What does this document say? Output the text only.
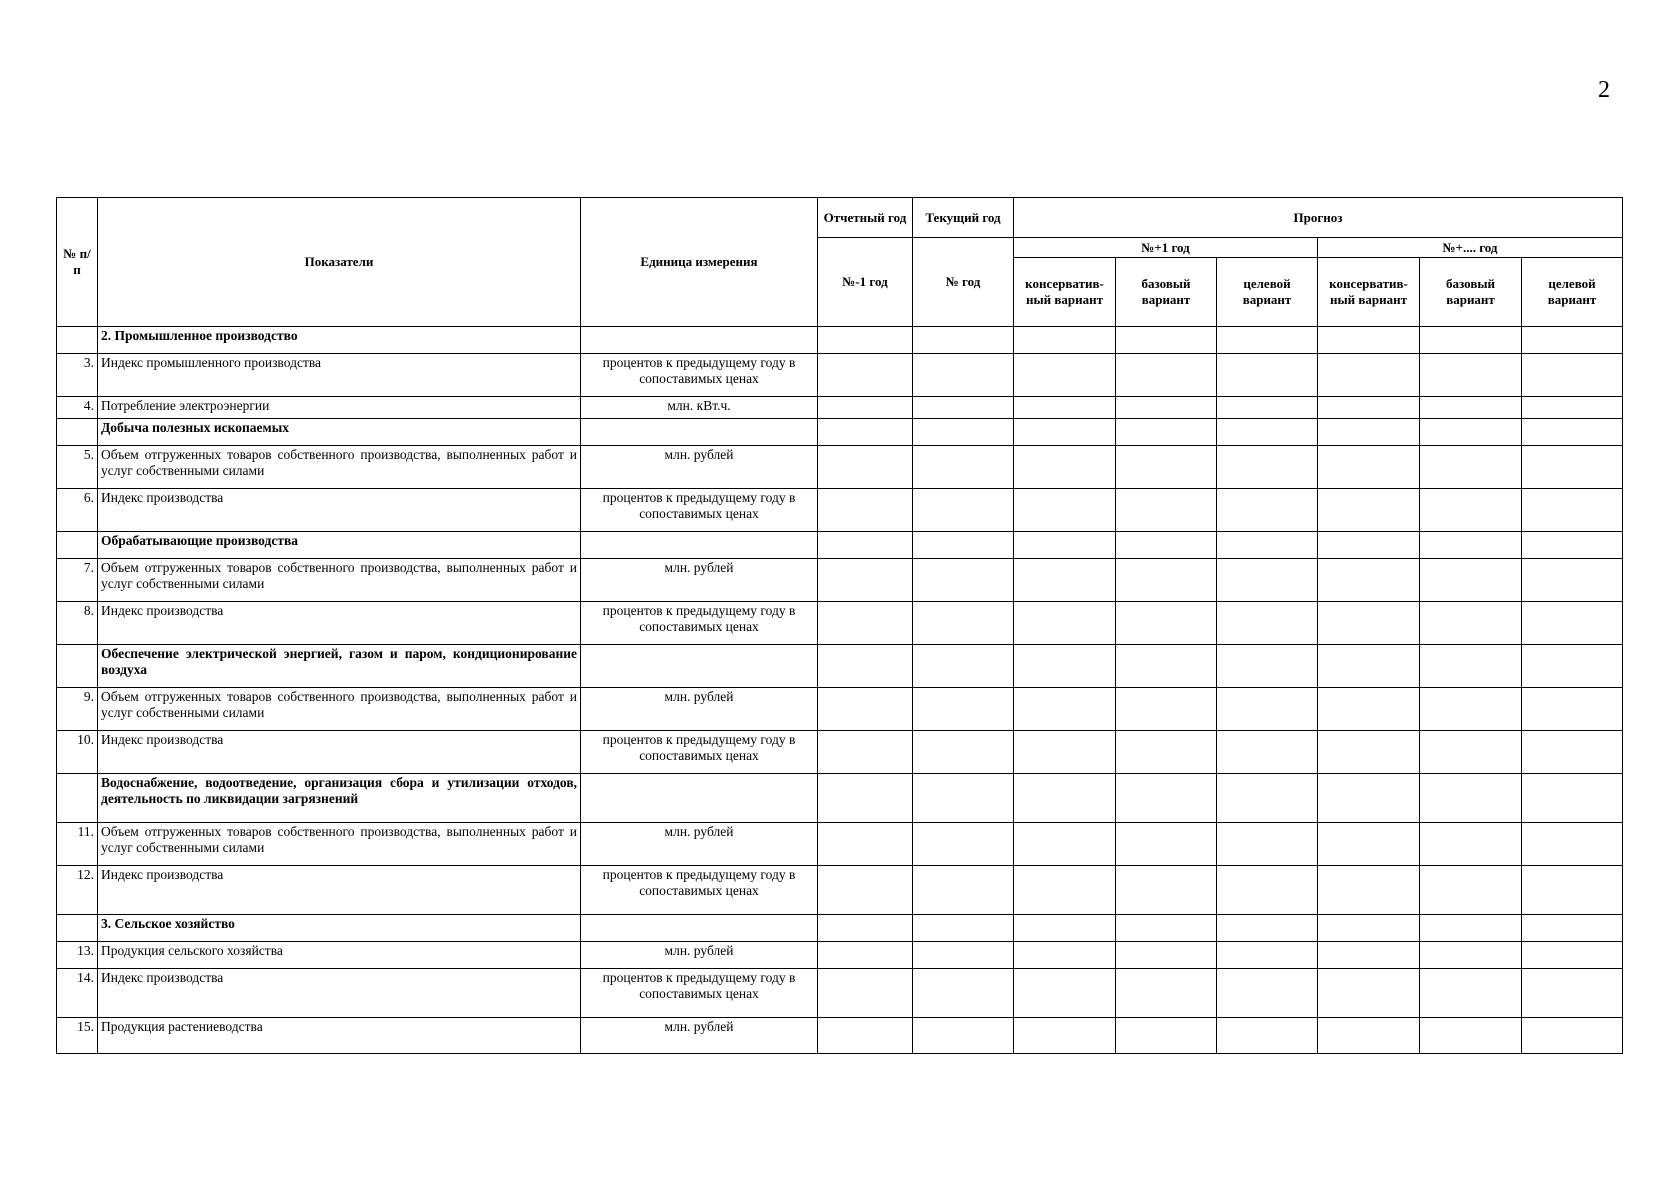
2
№ п/п	Показатели	Единица измерения	Отчетный год	Текущий год	Прогноз					
			№-1 год	№ год	№+1 год			№+.... год		
					консерватив-ный вариант	базовый вариант	целевой вариант	консерватив-ный вариант	базовый вариант	целевой вариант
	2. Промышленное производство									
3.	Индекс промышленного производства	процентов к предыдущему году в сопоставимых ценах								
4.	Потребление электроэнергии	млн. кВт.ч.								
	Добыча полезных ископаемых									
5.	Объем отгруженных товаров собственного производства, выполненных работ и услуг собственными силами	млн. рублей								
6.	Индекс производства	процентов к предыдущему году в сопоставимых ценах								
	Обрабатывающие производства									
7.	Объем отгруженных товаров собственного производства, выполненных работ и услуг собственными силами	млн. рублей								
8.	Индекс производства	процентов к предыдущему году в сопоставимых ценах								
	Обеспечение электрической энергией, газом и паром, кондиционирование воздуха									
9.	Объем отгруженных товаров собственного производства, выполненных работ и услуг собственными силами	млн. рублей								
10.	Индекс производства	процентов к предыдущему году в сопоставимых ценах								
	Водоснабжение, водоотведение, организация сбора и утилизации отходов, деятельность по ликвидации загрязнений									
11.	Объем отгруженных товаров собственного производства, выполненных работ и услуг собственными силами	млн. рублей								
12.	Индекс производства	процентов к предыдущему году в сопоставимых ценах								
	3. Сельское хозяйство									
13.	Продукция сельского хозяйства	млн. рублей								
14.	Индекс производства	процентов к предыдущему году в сопоставимых ценах								
15.	Продукция растениеводства	млн. рублей								
